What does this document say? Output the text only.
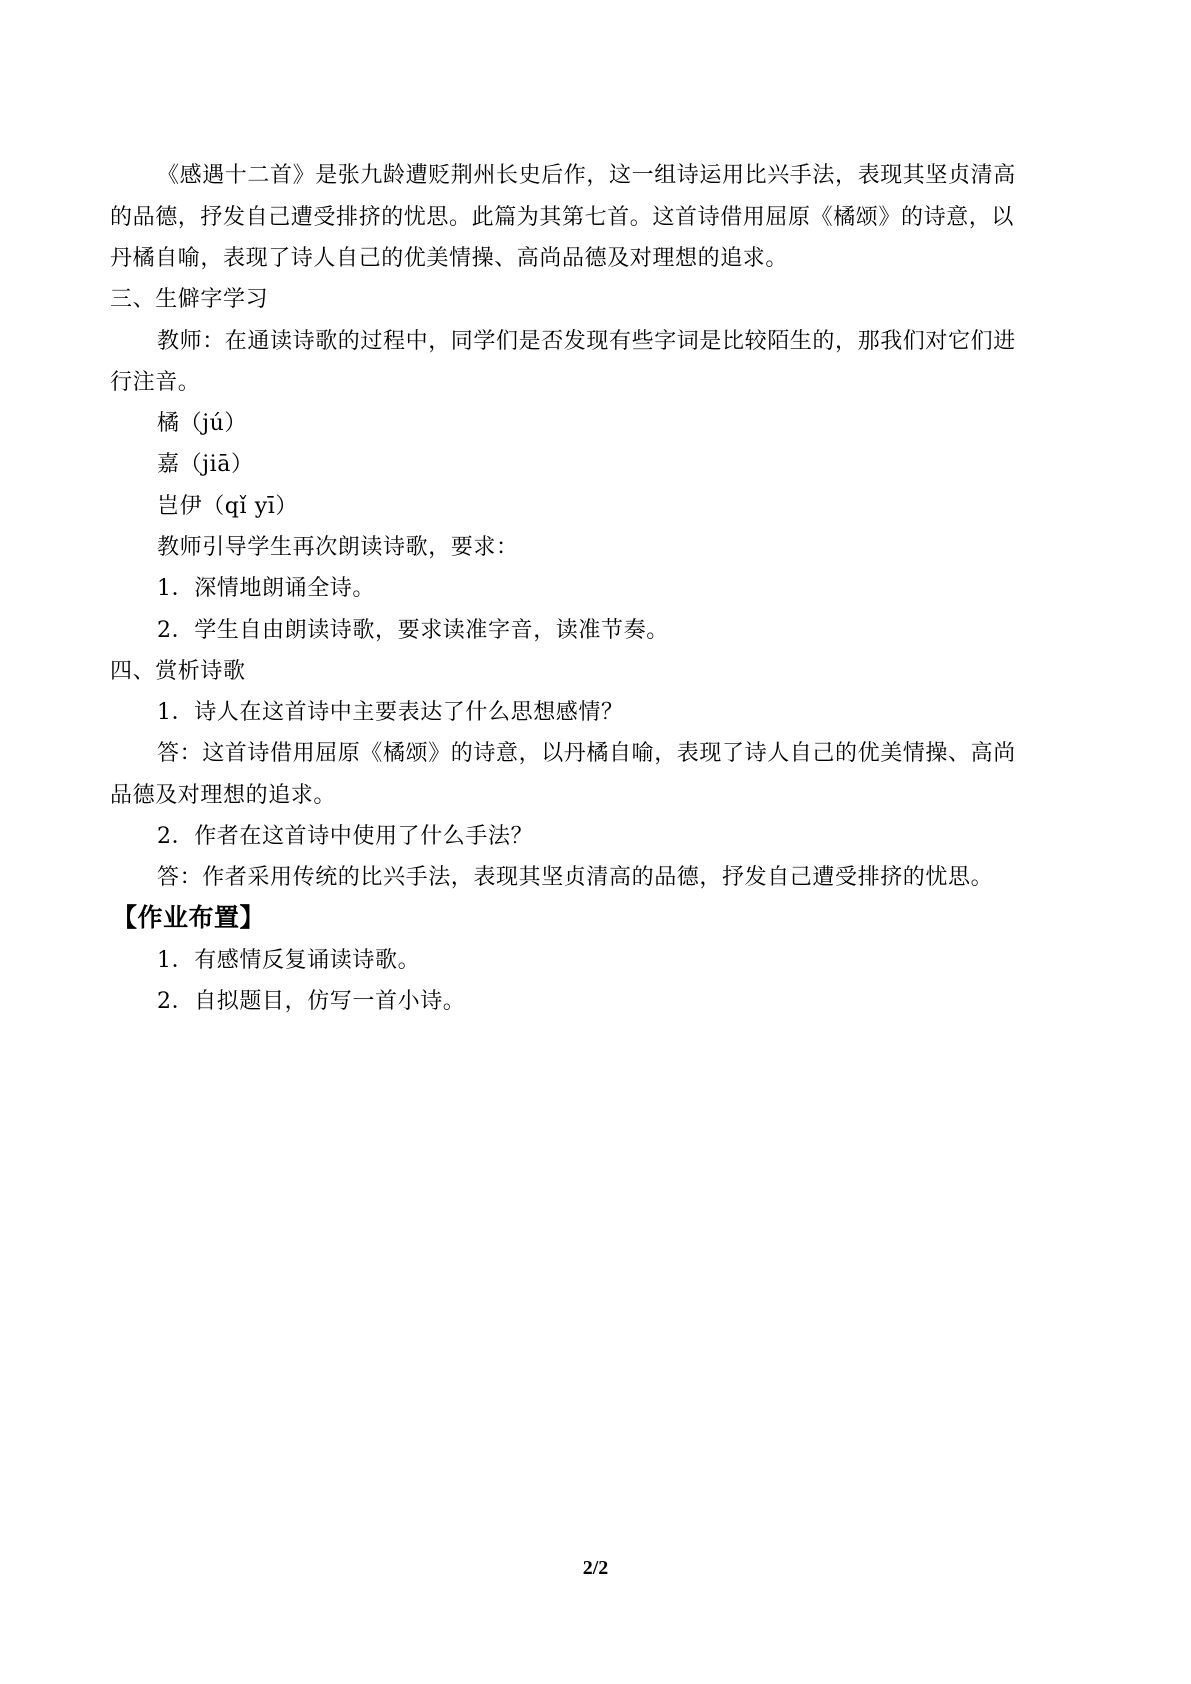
《感遇十二首》是张九龄遭贬荆州长史后作，这一组诗运用比兴手法，表现其坚贞清高
的品德，抒发自己遭受排挤的忧思。此篇为其第七首。这首诗借用屈原《橘颂》的诗意，以
丹橘自喻，表现了诗人自己的优美情操、高尚品德及对理想的追求。
三、生僻字学习
教师：在通读诗歌的过程中，同学们是否发现有些字词是比较陌生的，那我们对它们进
行注音。
橘（jú）
嘉（jiā）
岂伊（qǐ yī）
教师引导学生再次朗读诗歌，要求：
1．深情地朗诵全诗。
2．学生自由朗读诗歌，要求读准字音，读准节奏。
四、赏析诗歌
1．诗人在这首诗中主要表达了什么思想感情？
答：这首诗借用屈原《橘颂》的诗意，以丹橘自喻，表现了诗人自己的优美情操、高尚
品德及对理想的追求。
2．作者在这首诗中使用了什么手法？
答：作者采用传统的比兴手法，表现其坚贞清高的品德，抒发自己遭受排挤的忧思。
【作业布置】
1．有感情反复诵读诗歌。
2．自拟题目，仿写一首小诗。
2/2
